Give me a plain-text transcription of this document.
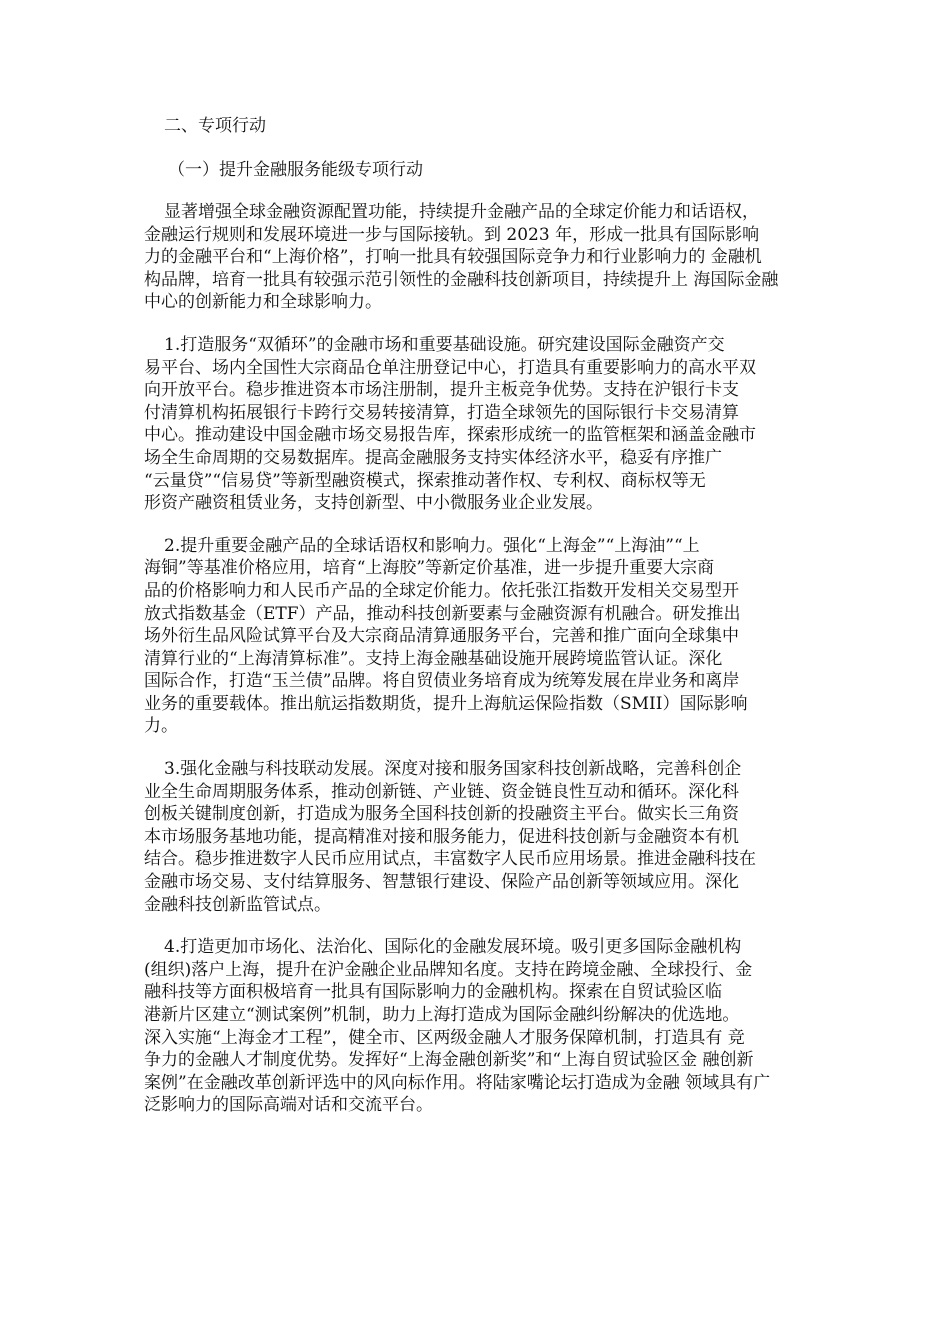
二、专项行动

（一）提升金融服务能级专项行动

显著增强全球金融资源配置功能，持续提升金融产品的全球定价能力和话语权，
金融运行规则和发展环境进一步与国际接轨。到 2023 年，形成一批具有国际影响
力的金融平台和“上海价格”，打响一批具有较强国际竞争力和行业影响力的 金融机
构品牌，培育一批具有较强示范引领性的金融科技创新项目，持续提升上 海国际金融
中心的创新能力和全球影响力。
1.打造服务“双循环”的金融市场和重要基础设施。研究建设国际金融资产交
易平台、场内全国性大宗商品仓单注册登记中心，打造具有重要影响力的高水平双
向开放平台。稳步推进资本市场注册制，提升主板竞争优势。支持在沪银行卡支
付清算机构拓展银行卡跨行交易转接清算，打造全球领先的国际银行卡交易清算
中心。推动建设中国金融市场交易报告库，探索形成统一的监管框架和涵盖金融市
场全生命周期的交易数据库。提高金融服务支持实体经济水平，稳妥有序推广
“云量贷”“信易贷”等新型融资模式，探索推动著作权、专利权、商标权等无
形资产融资租赁业务，支持创新型、中小微服务业企业发展。
2.提升重要金融产品的全球话语权和影响力。强化“上海金”“上海油”“上
海铜”等基准价格应用，培育“上海胶”等新定价基准，进一步提升重要大宗商
品的价格影响力和人民币产品的全球定价能力。依托张江指数开发相关交易型开
放式指数基金（ETF）产品，推动科技创新要素与金融资源有机融合。研发推出
场外衍生品风险试算平台及大宗商品清算通服务平台，完善和推广面向全球集中
清算行业的“上海清算标准”。支持上海金融基础设施开展跨境监管认证。深化
国际合作，打造“玉兰债”品牌。将自贸债业务培育成为统筹发展在岸业务和离岸
业务的重要载体。推出航运指数期货，提升上海航运保险指数（SMII）国际影响
力。
3.强化金融与科技联动发展。深度对接和服务国家科技创新战略，完善科创企
业全生命周期服务体系，推动创新链、产业链、资金链良性互动和循环。深化科
创板关键制度创新，打造成为服务全国科技创新的投融资主平台。做实长三角资
本市场服务基地功能，提高精准对接和服务能力，促进科技创新与金融资本有机
结合。稳步推进数字人民币应用试点，丰富数字人民币应用场景。推进金融科技在
金融市场交易、支付结算服务、智慧银行建设、保险产品创新等领域应用。深化
金融科技创新监管试点。
4.打造更加市场化、法治化、国际化的金融发展环境。吸引更多国际金融机构
(组织)落户上海，提升在沪金融企业品牌知名度。支持在跨境金融、全球投行、金
融科技等方面积极培育一批具有国际影响力的金融机构。探索在自贸试验区临
港新片区建立“测试案例”机制，助力上海打造成为国际金融纠纷解决的优选地。
深入实施“上海金才工程”，健全市、区两级金融人才服务保障机制，打造具有 竞
争力的金融人才制度优势。发挥好“上海金融创新奖”和“上海自贸试验区金 融创新
案例”在金融改革创新评选中的风向标作用。将陆家嘴论坛打造成为金融 领域具有广
泛影响力的国际高端对话和交流平台。
